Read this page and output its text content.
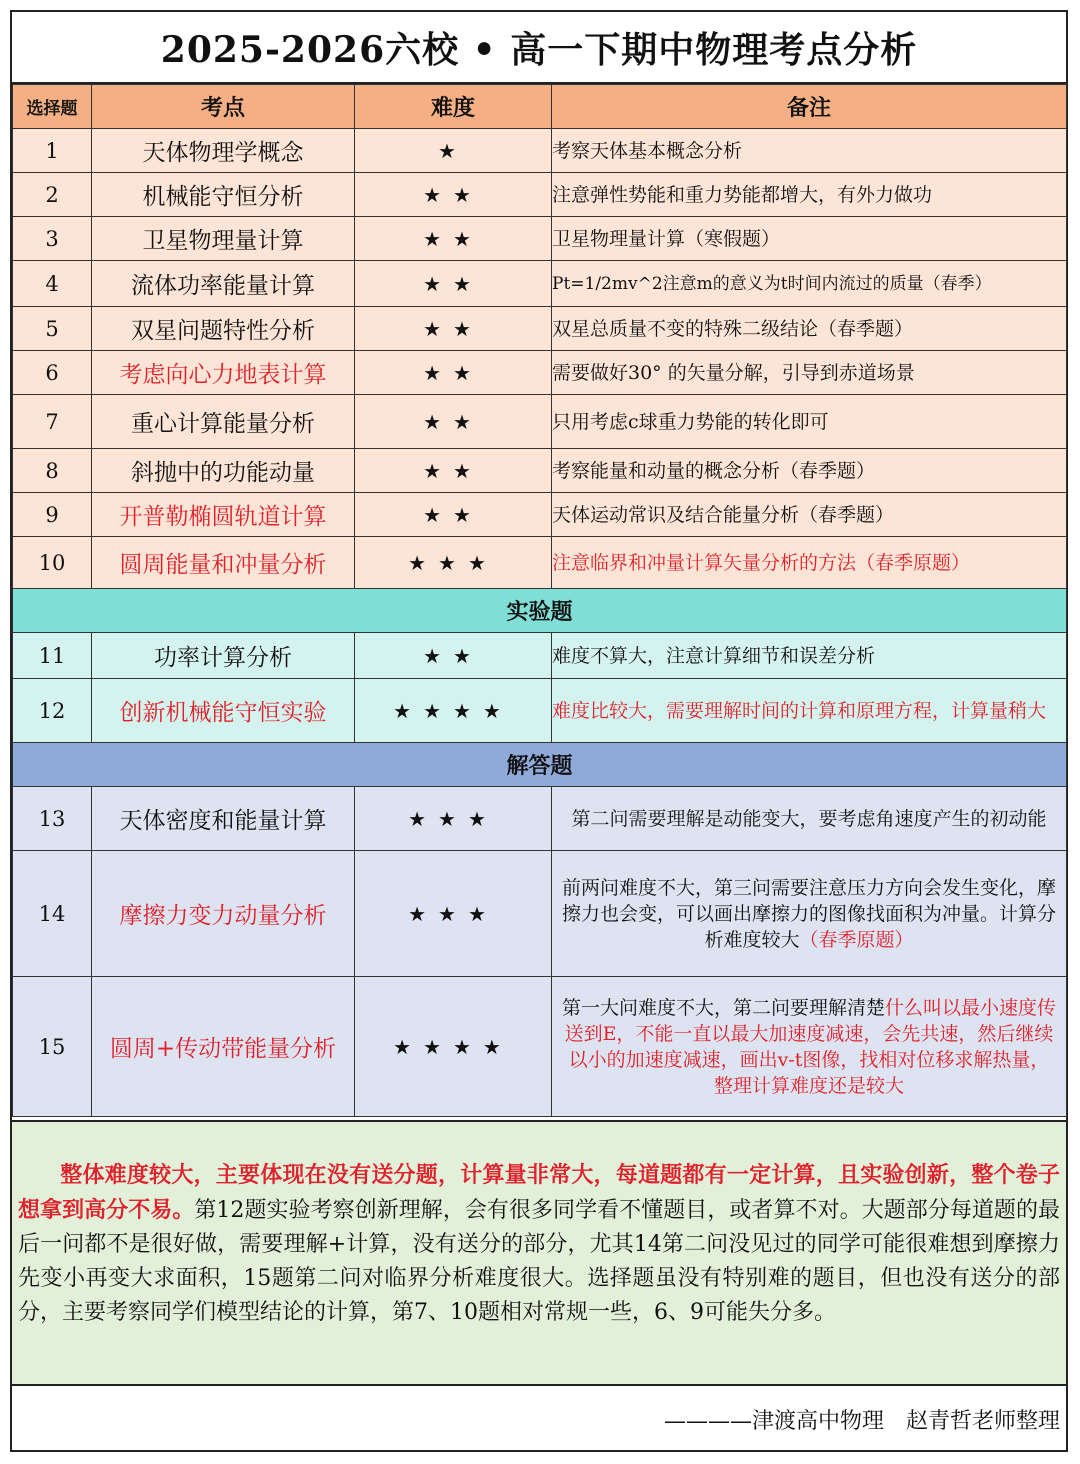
2025-2026六校 • 高一下期中物理考点分析
选择题	考点	难度	备注
1	天体物理学概念	★	考察天体基本概念分析
2	机械能守恒分析	★★	注意弹性势能和重力势能都增大，有外力做功
3	卫星物理量计算	★★	卫星物理量计算（寒假题）
4	流体功率能量计算	★★	Pt=1/2mv^2注意m的意义为t时间内流过的质量（春季）
5	双星问题特性分析	★★	双星总质量不变的特殊二级结论（春季题）
6	考虑向心力地表计算	★★	需要做好30° 的矢量分解，引导到赤道场景
7	重心计算能量分析	★★	只用考虑c球重力势能的转化即可
8	斜抛中的功能动量	★★	考察能量和动量的概念分析（春季题）
9	开普勒椭圆轨道计算	★★	天体运动常识及结合能量分析（春季题）
10	圆周能量和冲量分析	★★★	注意临界和冲量计算矢量分析的方法（春季原题）
实验题			
11	功率计算分析	★★	难度不算大，注意计算细节和误差分析
12	创新机械能守恒实验	★★★★	难度比较大，需要理解时间的计算和原理方程，计算量稍大
解答题			
13	天体密度和能量计算	★★★	第二问需要理解是动能变大，要考虑角速度产生的初动能
14	摩擦力变力动量分析	★★★	前两问难度不大，第三问需要注意压力方向会发生变化，摩擦力也会变，可以画出摩擦力的图像找面积为冲量。计算分析难度较大（春季原题）
15	圆周+传动带能量分析	★★★★	第一大问难度不大，第二问要理解清楚什么叫以最小速度传送到E，不能一直以最大加速度减速，会先共速，然后继续以小的加速度减速，画出v-t图像，找相对位移求解热量，整理计算难度还是较大
整体难度较大，主要体现在没有送分题，计算量非常大，每道题都有一定计算，且实验创新，整个卷子想拿到高分不易。第12题实验考察创新理解，会有很多同学看不懂题目，或者算不对。大题部分每道题的最后一问都不是很好做，需要理解+计算，没有送分的部分，尤其14第二问没见过的同学可能很难想到摩擦力先变小再变大求面积，15题第二问对临界分析难度很大。选择题虽没有特别难的题目，但也没有送分的部分，主要考察同学们模型结论的计算，第7、10题相对常规一些，6、9可能失分多。
————津渡高中物理　赵青哲老师整理
